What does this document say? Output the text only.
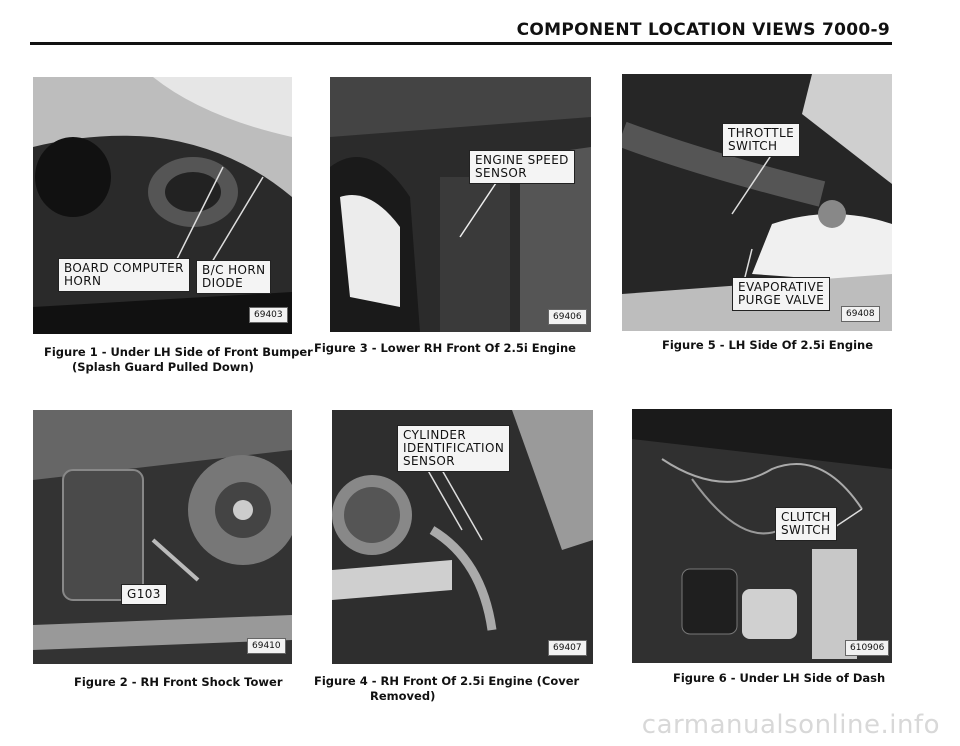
COMPONENT LOCATION VIEWS 7000-9
BOARD COMPUTER
HORN
B/C HORN
DIODE
69403
Figure 1 - Under LH Side of Front Bumper
(Splash Guard Pulled Down)
G103
69410
Figure 2 - RH Front Shock Tower
ENGINE SPEED
SENSOR
69406
Figure 3 - Lower RH Front Of 2.5i Engine
CYLINDER
IDENTIFICATION
SENSOR
69407
Figure 4 - RH Front Of 2.5i Engine (Cover
Removed)
THROTTLE
SWITCH
EVAPORATIVE
PURGE VALVE
69408
Figure 5 - LH Side Of 2.5i Engine
CLUTCH
SWITCH
610906
Figure 6 - Under LH Side of Dash
carmanualsonline.info
